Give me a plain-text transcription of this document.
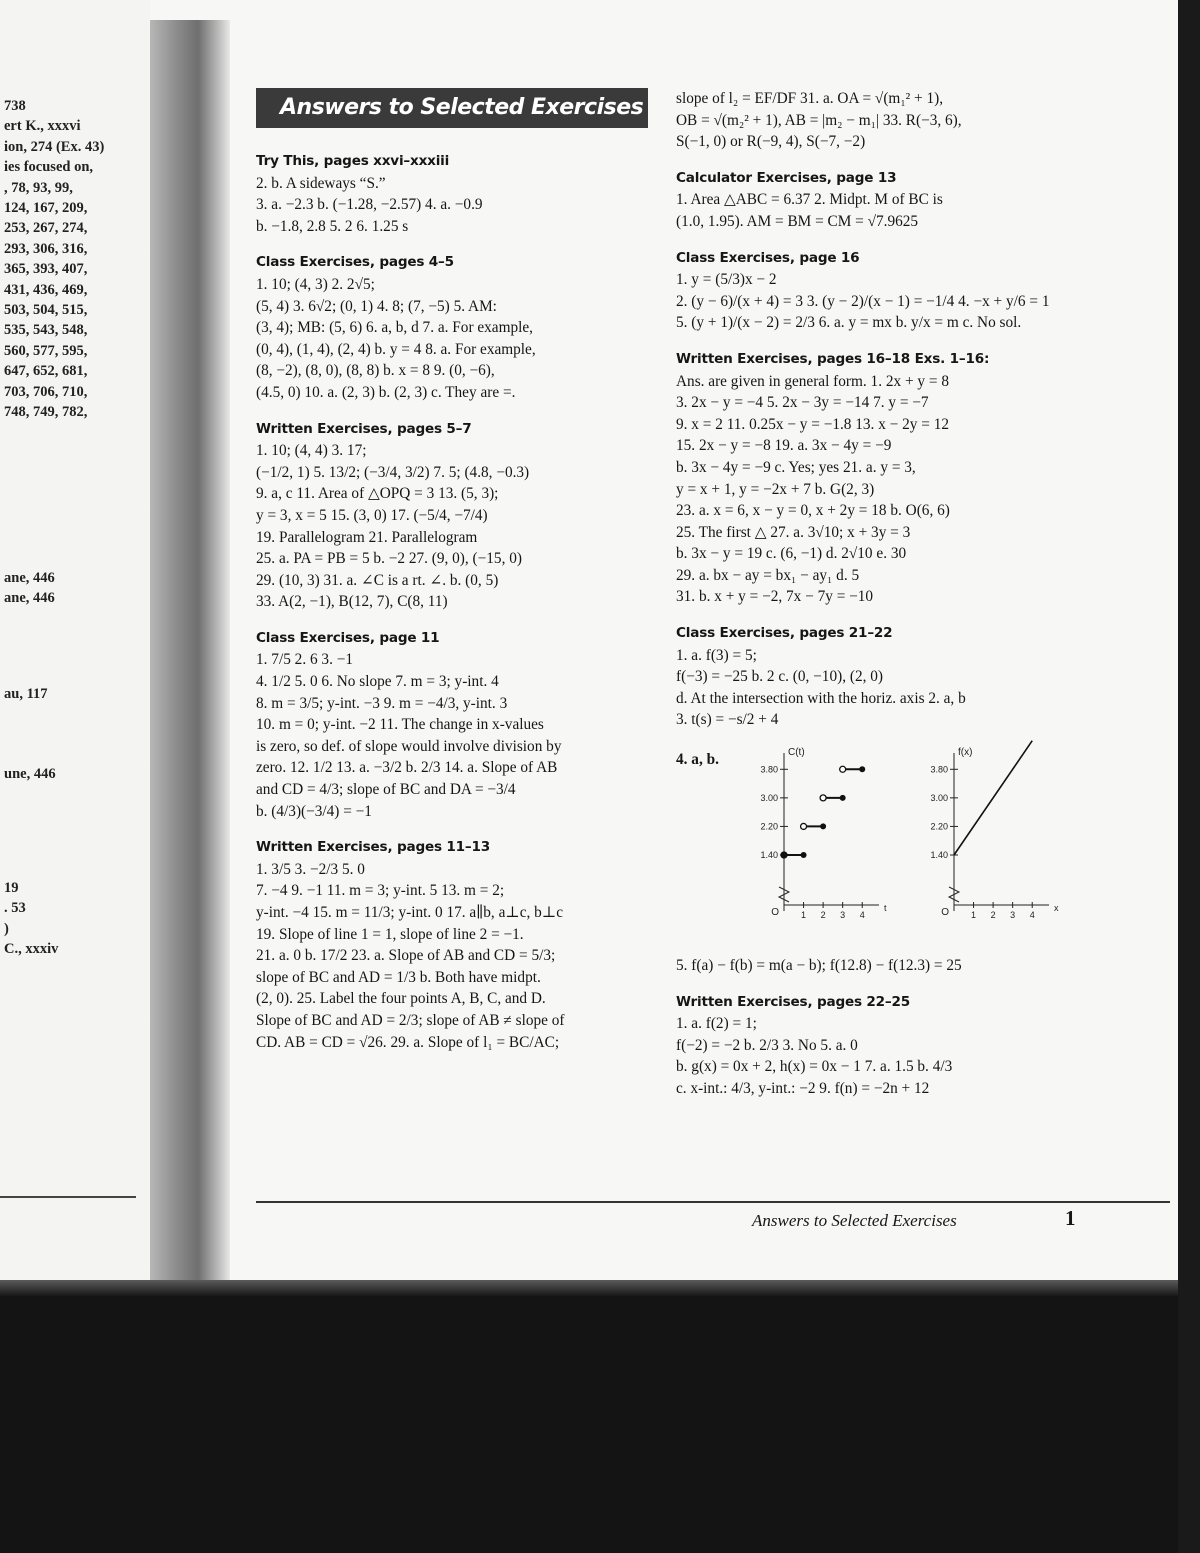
738
ert K., xxxvi
ion, 274 (Ex. 43)
ies focused on,
, 78, 93, 99,
124, 167, 209,
253, 267, 274,
293, 306, 316,
365, 393, 407,
431, 436, 469,
503, 504, 515,
535, 543, 548,
560, 577, 595,
647, 652, 681,
703, 706, 710,
748, 749, 782,
ane, 446
ane, 446
au, 117
une, 446
19
. 53
)
C., xxxiv
Answers to Selected Exercises

Try This, pages xxvi–xxxiii

2. b. A sideways “S.”

3. a. −2.3 b. (−1.28, −2.57) 4. a. −0.9

b. −1.8, 2.8 5. 2 6. 1.25 s

Class Exercises, pages 4–5

1. 10; (4, 3) 2. 2√5;

(5, 4) 3. 6√2; (0, 1) 4. 8; (7, −5) 5. AM:

(3, 4); MB: (5, 6) 6. a, b, d 7. a. For example,

(0, 4), (1, 4), (2, 4) b. y = 4 8. a. For example,

(8, −2), (8, 0), (8, 8) b. x = 8 9. (0, −6),

(4.5, 0) 10. a. (2, 3) b. (2, 3) c. They are =.

Written Exercises, pages 5–7

1. 10; (4, 4) 3. 17;

(−1/2, 1) 5. 13/2; (−3/4, 3/2) 7. 5; (4.8, −0.3)

9. a, c 11. Area of △OPQ = 3 13. (5, 3);

y = 3, x = 5 15. (3, 0) 17. (−5/4, −7/4)

19. Parallelogram 21. Parallelogram

25. a. PA = PB = 5 b. −2 27. (9, 0), (−15, 0)

29. (10, 3) 31. a. ∠C is a rt. ∠. b. (0, 5)

33. A(2, −1), B(12, 7), C(8, 11)

Class Exercises, page 11

1. 7/5 2. 6 3. −1

4. 1/2 5. 0 6. No slope 7. m = 3; y-int. 4

8. m = 3/5; y-int. −3 9. m = −4/3, y-int. 3

10. m = 0; y-int. −2 11. The change in x-values

is zero, so def. of slope would involve division by

zero. 12. 1/2 13. a. −3/2 b. 2/3 14. a. Slope of AB

and CD = 4/3; slope of BC and DA = −3/4

b. (4/3)(−3/4) = −1

Written Exercises, pages 11–13

1. 3/5 3. −2/3 5. 0

7. −4 9. −1 11. m = 3; y-int. 5 13. m = 2;

y-int. −4 15. m = 11/3; y-int. 0 17. a∥b, a⊥c, b⊥c

19. Slope of line 1 = 1, slope of line 2 = −1.

21. a. 0 b. 17/2 23. a. Slope of AB and CD = 5/3;

slope of BC and AD = 1/3 b. Both have midpt.

(2, 0). 25. Label the four points A, B, C, and D.

Slope of BC and AD = 2/3; slope of AB ≠ slope of

CD. AB = CD = √26. 29. a. Slope of l₁ = BC/AC;

slope of l₂ = EF/DF 31. a. OA = √(m₁² + 1),

OB = √(m₂² + 1), AB = |m₂ − m₁| 33. R(−3, 6),

S(−1, 0) or R(−9, 4), S(−7, −2)

Calculator Exercises, page 13

1. Area △ABC = 6.37 2. Midpt. M of BC is

(1.0, 1.95). AM = BM = CM = √7.9625

Class Exercises, page 16

1. y = (5/3)x − 2

2. (y − 6)/(x + 4) = 3 3. (y − 2)/(x − 1) = −1/4 4. −x + y/6 = 1

5. (y + 1)/(x − 2) = 2/3 6. a. y = mx b. y/x = m c. No sol.

Written Exercises, pages 16–18 Exs. 1–16:

Ans. are given in general form. 1. 2x + y = 8

3. 2x − y = −4 5. 2x − 3y = −14 7. y = −7

9. x = 2 11. 0.25x − y = −1.8 13. x − 2y = 12

15. 2x − y = −8 19. a. 3x − 4y = −9

b. 3x − 4y = −9 c. Yes; yes 21. a. y = 3,

y = x + 1, y = −2x + 7 b. G(2, 3)

23. a. x = 6, x − y = 0, x + 2y = 18 b. O(6, 6)

25. The first △ 27. a. 3√10; x + 3y = 3

b. 3x − y = 19 c. (6, −1) d. 2√10 e. 30

29. a. bx − ay = bx₁ − ay₁ d. 5

31. b. x + y = −2, 7x − 7y = −10

Class Exercises, pages 21–22

1. a. f(3) = 5;

f(−3) = −25 b. 2 c. (0, −10), (2, 0)

d. At the intersection with the horiz. axis 2. a, b

3. t(s) = −s/2 + 4

4. a, b.
1.40
2.20
3.00
3.80
1 2 3 4
O	t
C(t)
1.40
2.20
3.00
3.80
1 2 3 4
O	x
f(x)

5. f(a) − f(b) = m(a − b); f(12.8) − f(12.3) = 25

Written Exercises, pages 22–25

1. a. f(2) = 1;

f(−2) = −2 b. 2/3 3. No 5. a. 0

b. g(x) = 0x + 2, h(x) = 0x − 1 7. a. 1.5 b. 4/3

c. x-int.: 4/3, y-int.: −2 9. f(n) = −2n + 12

Answers to Selected Exercises	1
